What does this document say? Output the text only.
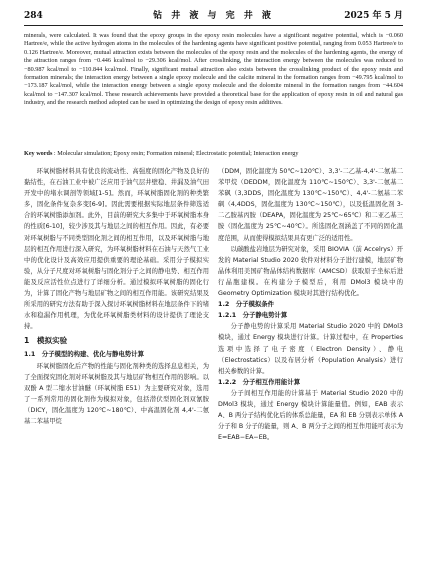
284	钻 井 液 与 完 井 液	2025 年 5 月
minerals, were calculated. It was found that the epoxy groups in the epoxy resin molecules have a significant negative potential, which is −0.060 Hartree/e, while the active hydrogen atoms in the molecules of the hardening agents have significant positive potential, ranging from 0.053 Hartree/e to 0.126 Hartree/e. Moreover, mutual attraction exists between the molecules of the epoxy resin and the molecules of the hardening agents, the energy of the attraction ranges from −0.446 kcal/mol to −29.306 kcal/mol. After crosslinking, the interaction energy between the molecules was reduced to −80.987 kcal/mol to −110.844 kcal/mol. Finally, significant mutual attraction also exists between the crosslinking product of the epoxy resin and formation minerals; the interaction energy between a single epoxy molecule and the calcite mineral in the formation ranges from −49.795 kcal/mol to −173.187 kcal/mol, while the interaction energy between a single epoxy molecule and the dolomite mineral in the formation ranges from −44.604 kcal/mol to −147.307 kcal/mol. These research achievements have provided a theoretical base for the application of epoxy resin in oil and natural gas industry, and the research method adopted can be used in optimizing the design of epoxy resin additives.
Key words : Molecular simulation; Epoxy resin; Formation mineral; Electrostatic potential; Interaction energy

环氧树脂材料具有优良的流动性、高强度的固化产物及良好的黏结性，在石油工业中被广泛应用于油气层井壁稳、井漏及油气田开发中的堵水调剖等领域[1-5]。然而，环氧树脂固化剂的种类繁多，固化条件复杂多变[6-9]。因此需要根据实际地层条件筛选适合的环氧树脂添加剂。此外，目前的研究大多集中于环氧树脂本身的性质[6-10]，较少涉及其与地层之间的相互作用。因此，有必要对环氧树脂与不同类型固化剂之间的相互作用，以及环氧树脂与地层的相互作用进行深入研究，为环氧树脂材料在石油与天然气工业中的优化设计及高效应用提供重要的理论基础。采用分子模拟实验，从分子尺度对环氧树脂与固化剂分子之间的静电势、相互作用能及反应活性位点进行了详细分析。通过模拟环氧树脂的固化行为，计算了固化产物与地层矿物之间的相互作用能。该研究结果及所采用的研究方法有助于深入探讨环氧树脂材料在地层条件下的堵水和稳漏作用机理，为优化环氧树脂类材料的设计提供了理论支持。

1　模拟实验
1.1　分子模型的构建、优化与静电势计算

环氧树脂固化后产物的性能与固化剂种类的选择息息相关，为了全面探究固化剂对环氧树脂及其与地层矿物相互作用的影响。以双酚 A 型二缩水甘油醚（环氧树脂 E51）为主要研究对象，选用了一系列常用的固化剂作为模拟对象，包括潜伏型固化剂双氰胺（DICY，固化温度为 120℃~180℃）、中高温固化剂 4,4'-二氨基二苯基甲烷

（DDM，固化温度为 50℃~120℃）、3,3'-二乙基-4,4'-二氨基二苯甲烷（DEDDM，固化温度为 110℃~150℃）、3,3'-二氨基二苯砜（3,3DDS，固化温度为 130℃~150℃）、4,4'-二氨基二苯砜（4,4DDS，固化温度为 130℃~150℃），以及低温固化剂 3-二乙胺基丙胺（DEAPA，固化温度为 25℃~65℃）和二亚乙基三胺（固化温度为 25℃~40℃）。所选固化剂涵盖了不同的固化温度范围，从而使得模拟结果具有更广泛的适用性。

以碳酸盐岩地层为研究对象，采用 BIOVIA（前 Accelrys）开发的 Material Studio 2020 软件对材料分子进行建模，地层矿物晶体利用美国矿物晶体结构数据库（AMCSD）获取原子坐标后进行晶胞建模。在构建分子模型后，利用 DMol3 模块中的 Geometry Optimization 模块对其进行结构优化。

1.2　分子模拟条件
1.2.1　分子静电势计算

分子静电势的计算采用 Material Studio 2020 中的 DMol3 模块，通过 Energy 模块进行计算。计算过程中，在 Properties 选项中选择了电子密度（Electron Density）、静电（Electrostatics）以及布居分析（Population Analysis）进行相关参数的计算。

1.2.2　分子相互作用能计算

分子间相互作用能的计算基于 Material Studio 2020 中的 DMol3 模块，通过 Energy 模块计算能量值。例如，EAB 表示 A、B 两分子结构优化后的体系总能量，EA 和 EB 分别表示单体 A 分子和 B 分子的能量，则 A、B 两分子之间的相互作用能可表示为 E=EAB−EA−EB。
